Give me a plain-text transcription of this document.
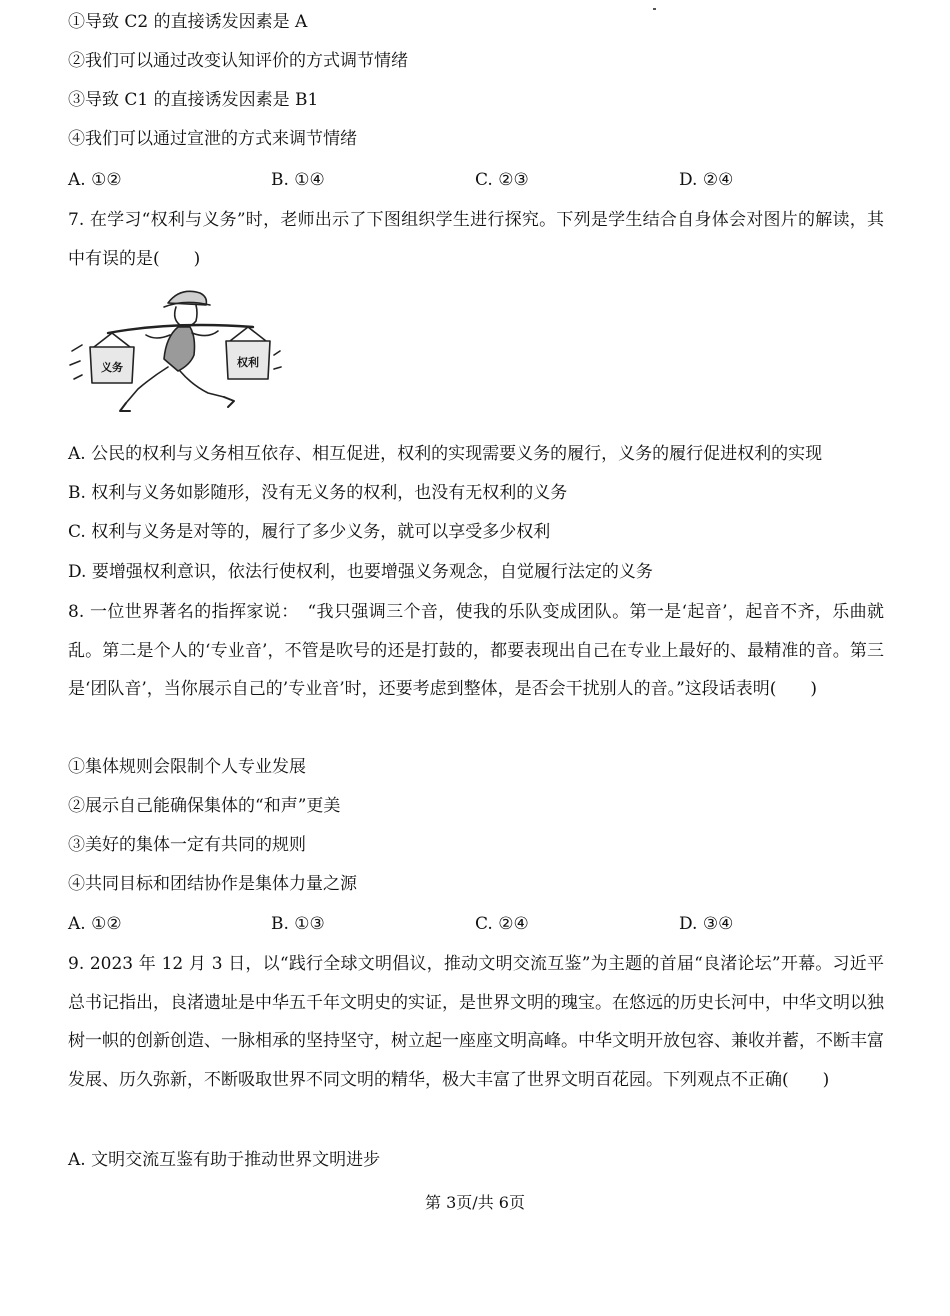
①导致 C2 的直接诱发因素是 A
②我们可以通过改变认知评价的方式调节情绪
③导致 C1 的直接诱发因素是 B1
④我们可以通过宣泄的方式来调节情绪
A. ①②	B. ①④	C. ②③	D. ②④
7. 在学习“权利与义务”时，老师出示了下图组织学生进行探究。下列是学生结合自身体会对图片的解读，其中有误的是(　　)
义务	权利
A. 公民的权利与义务相互依存、相互促进，权利的实现需要义务的履行，义务的履行促进权利的实现
B. 权利与义务如影随形，没有无义务的权利，也没有无权利的义务
C. 权利与义务是对等的，履行了多少义务，就可以享受多少权利
D. 要增强权利意识，依法行使权利，也要增强义务观念，自觉履行法定的义务
8. 一位世界著名的指挥家说：　“我只强调三个音，使我的乐队变成团队。第一是‘起音’，起音不齐，乐曲就乱。第二是个人的‘专业音’，不管是吹号的还是打鼓的，都要表现出自己在专业上最好的、最精准的音。第三是‘团队音’，当你展示自己的’专业音’时，还要考虑到整体，是否会干扰别人的音。”这段话表明(　　)
①集体规则会限制个人专业发展
②展示自己能确保集体的“和声”更美
③美好的集体一定有共同的规则
④共同目标和团结协作是集体力量之源
A. ①②	B. ①③	C. ②④	D. ③④
9. 2023 年 12 月 3 日，以“践行全球文明倡议，推动文明交流互鉴”为主题的首届“良渚论坛”开幕。习近平总书记指出，良渚遗址是中华五千年文明史的实证，是世界文明的瑰宝。在悠远的历史长河中，中华文明以独树一帜的创新创造、一脉相承的坚持坚守，树立起一座座文明高峰。中华文明开放包容、兼收并蓄，不断丰富发展、历久弥新，不断吸取世界不同文明的精华，极大丰富了世界文明百花园。下列观点不正确(　　)
A. 文明交流互鉴有助于推动世界文明进步
第 3页/共 6页
